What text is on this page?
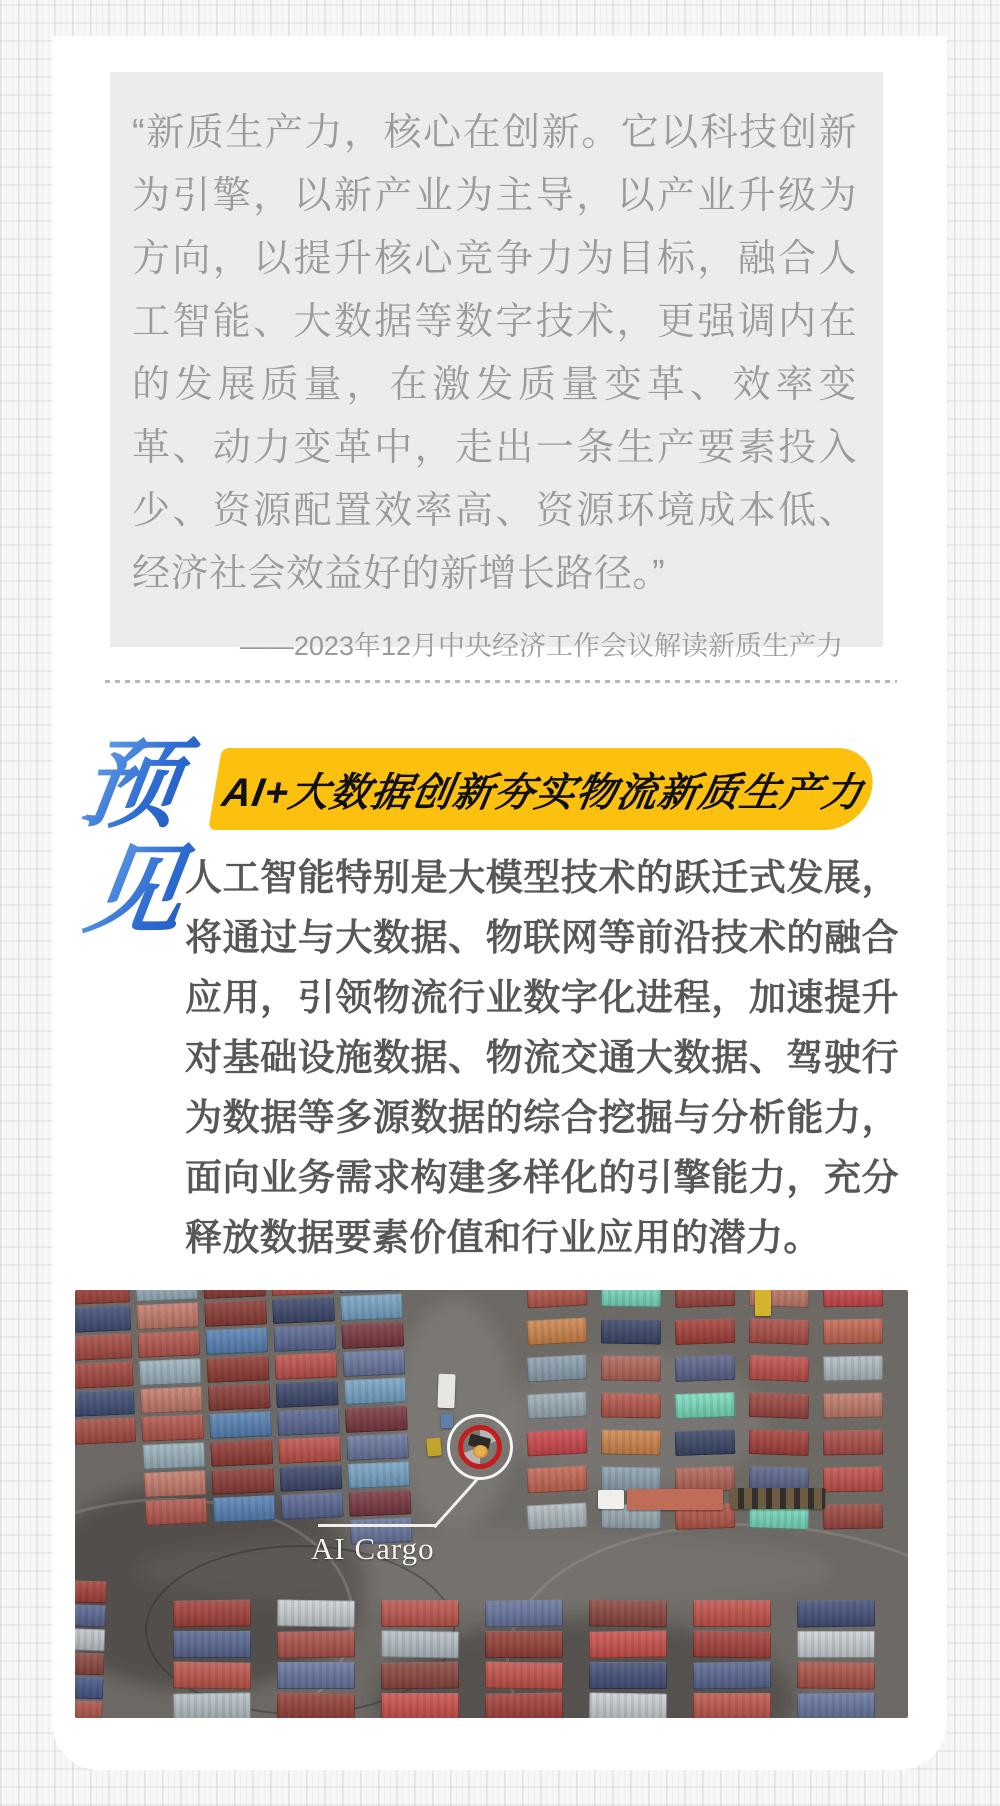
“新质生产力，核心在创新。它以科技创新为引擎，以新产业为主导，以产业升级为方向，以提升核心竞争力为目标，融合人工智能、大数据等数字技术，更强调内在的发展质量，在激发质量变革、效率变革、动力变革中，走出一条生产要素投入少、资源配置效率高、资源环境成本低、经济社会效益好的新增长路径。”

——2023年12月中央经济工作会议解读新质生产力

预
见
AI+大数据创新夯实物流新质生产力

人工智能特别是大模型技术的跃迁式发展，将通过与大数据、物联网等前沿技术的融合应用，引领物流行业数字化进程，加速提升对基础设施数据、物流交通大数据、驾驶行为数据等多源数据的综合挖掘与分析能力，面向业务需求构建多样化的引擎能力，充分释放数据要素价值和行业应用的潜力。

AI Cargo
